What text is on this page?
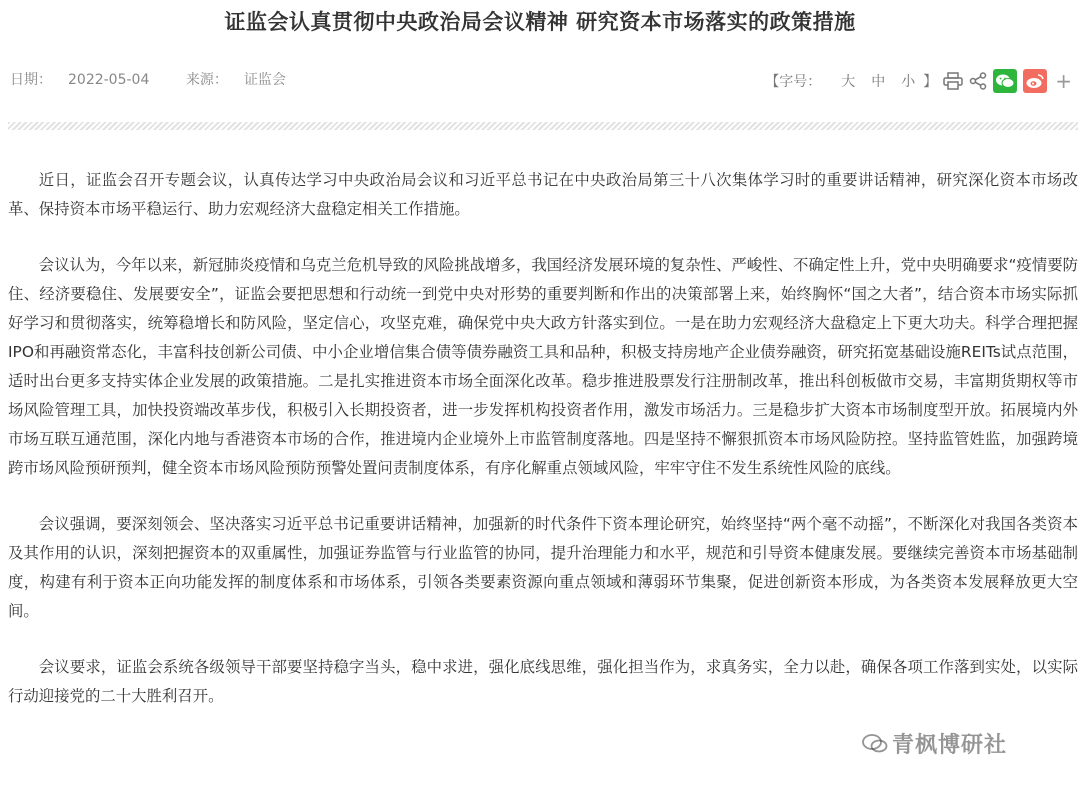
证监会认真贯彻中央政治局会议精神 研究资本市场落实的政策措施
日期： 2022-05-04	来源： 证监会	【字号： 大 中 小 】	+

近日，证监会召开专题会议，认真传达学习中央政治局会议和习近平总书记在中央政治局第三十八次集体学习时的重要讲话精神，研究深化资本市场改革、保持资本市场平稳运行、助力宏观经济大盘稳定相关工作措施。

会议认为，今年以来，新冠肺炎疫情和乌克兰危机导致的风险挑战增多，我国经济发展环境的复杂性、严峻性、不确定性上升，党中央明确要求“疫情要防住、经济要稳住、发展要安全”，证监会要把思想和行动统一到党中央对形势的重要判断和作出的决策部署上来，始终胸怀“国之大者”，结合资本市场实际抓好学习和贯彻落实，统筹稳增长和防风险，坚定信心，攻坚克难，确保党中央大政方针落实到位。一是在助力宏观经济大盘稳定上下更大功夫。科学合理把握IPO和再融资常态化，丰富科技创新公司债、中小企业增信集合债等债券融资工具和品种，积极支持房地产企业债券融资，研究拓宽基础设施REITs试点范围，适时出台更多支持实体企业发展的政策措施。二是扎实推进资本市场全面深化改革。稳步推进股票发行注册制改革，推出科创板做市交易，丰富期货期权等市场风险管理工具，加快投资端改革步伐，积极引入长期投资者，进一步发挥机构投资者作用，激发市场活力。三是稳步扩大资本市场制度型开放。拓展境内外市场互联互通范围，深化内地与香港资本市场的合作，推进境内企业境外上市监管制度落地。四是坚持不懈狠抓资本市场风险防控。坚持监管姓监，加强跨境跨市场风险预研预判，健全资本市场风险预防预警处置问责制度体系，有序化解重点领域风险，牢牢守住不发生系统性风险的底线。

会议强调，要深刻领会、坚决落实习近平总书记重要讲话精神，加强新的时代条件下资本理论研究，始终坚持“两个毫不动摇”，不断深化对我国各类资本及其作用的认识，深刻把握资本的双重属性，加强证券监管与行业监管的协同，提升治理能力和水平，规范和引导资本健康发展。要继续完善资本市场基础制度，构建有利于资本正向功能发挥的制度体系和市场体系，引领各类要素资源向重点领域和薄弱环节集聚，促进创新资本形成，为各类资本发展释放更大空间。

会议要求，证监会系统各级领导干部要坚持稳字当头，稳中求进，强化底线思维，强化担当作为，求真务实，全力以赴，确保各项工作落到实处，以实际行动迎接党的二十大胜利召开。

青枫博研社
